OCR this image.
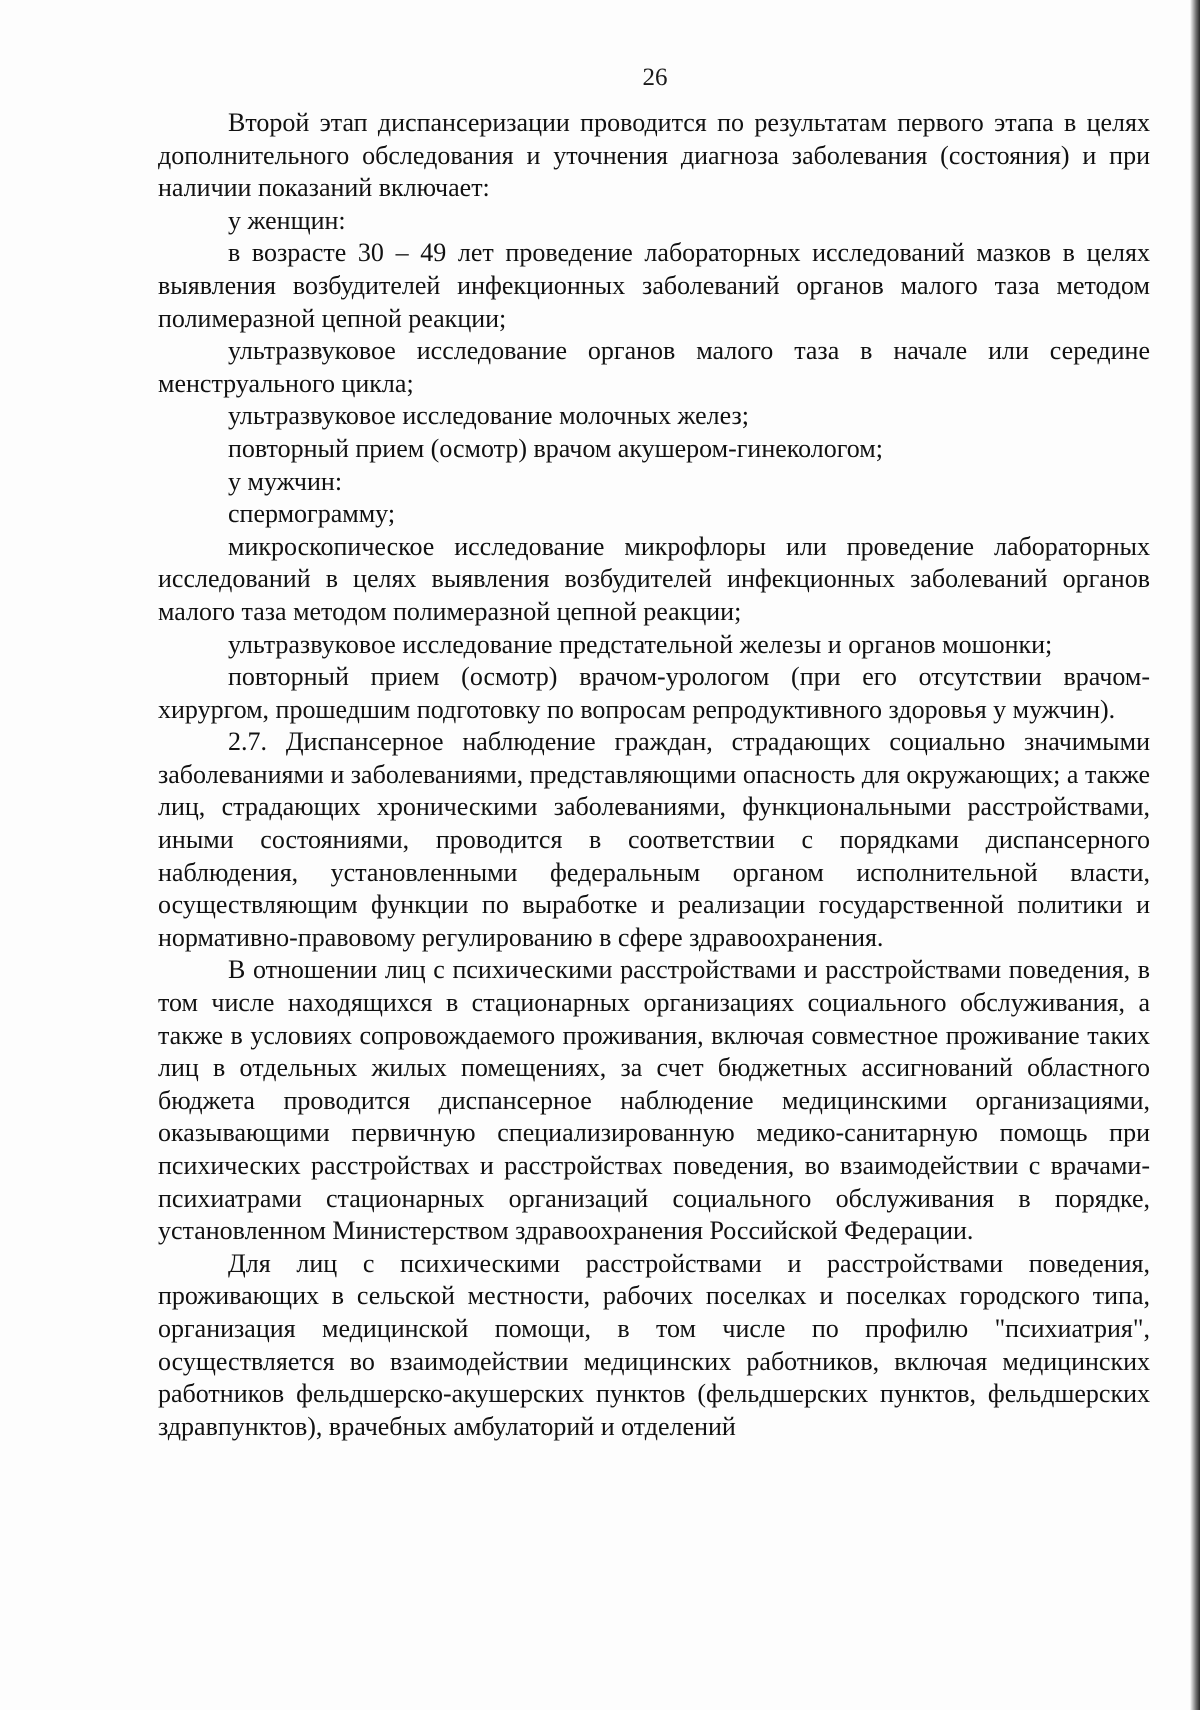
26

Второй этап диспансеризации проводится по результатам первого этапа в целях дополнительного обследования и уточнения диагноза заболевания (состояния) и при наличии показаний включает:

у женщин:

в возрасте 30 – 49 лет проведение лабораторных исследований мазков в целях выявления возбудителей инфекционных заболеваний органов малого таза методом полимеразной цепной реакции;

ультразвуковое исследование органов малого таза в начале или середине менструального цикла;

ультразвуковое исследование молочных желез;

повторный прием (осмотр) врачом акушером-гинекологом;

у мужчин:

спермограмму;

микроскопическое исследование микрофлоры или проведение лабораторных исследований в целях выявления возбудителей инфекционных заболеваний органов малого таза методом полимеразной цепной реакции;

ультразвуковое исследование предстательной железы и органов мошонки;

повторный прием (осмотр) врачом-урологом (при его отсутствии врачом-хирургом, прошедшим подготовку по вопросам репродуктивного здоровья у мужчин).

2.7. Диспансерное наблюдение граждан, страдающих социально значимыми заболеваниями и заболеваниями, представляющими опасность для окружающих; а также лиц, страдающих хроническими заболеваниями, функциональными расстройствами, иными состояниями, проводится в соответствии с порядками диспансерного наблюдения, установленными федеральным органом исполнительной власти, осуществляющим функции по выработке и реализации государственной политики и нормативно-правовому регулированию в сфере здравоохранения.

В отношении лиц с психическими расстройствами и расстройствами поведения, в том числе находящихся в стационарных организациях социального обслуживания, а также в условиях сопровождаемого проживания, включая совместное проживание таких лиц в отдельных жилых помещениях, за счет бюджетных ассигнований областного бюджета проводится диспансерное наблюдение медицинскими организациями, оказывающими первичную специализированную медико-санитарную помощь при психических расстройствах и расстройствах поведения, во взаимодействии с врачами-психиатрами стационарных организаций социального обслуживания в порядке, установленном Министерством здравоохранения Российской Федерации.

Для лиц с психическими расстройствами и расстройствами поведения, проживающих в сельской местности, рабочих поселках и поселках городского типа, организация медицинской помощи, в том числе по профилю "психиатрия", осуществляется во взаимодействии медицинских работников, включая медицинских работников фельдшерско-акушерских пунктов (фельдшерских пунктов, фельдшерских здравпунктов), врачебных амбулаторий и отделений
